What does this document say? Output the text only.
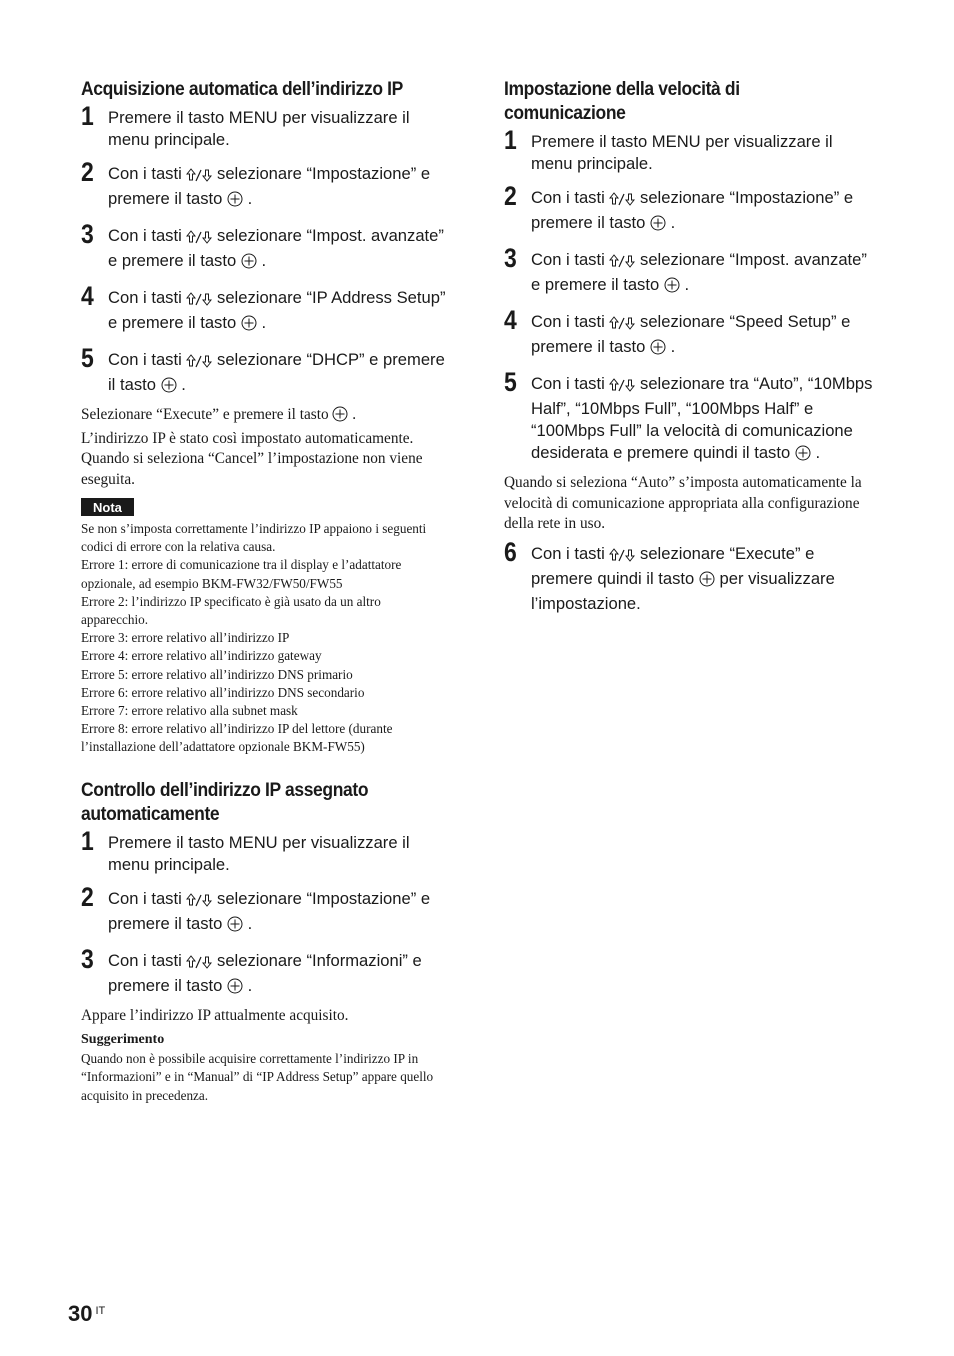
Acquisizione automatica dell’indirizzo IP
1 Premere il tasto MENU per visualizzare il menu principale.
2 Con i tasti selezionare “Impostazione” e premere il tasto .
3 Con i tasti selezionare “Impost. avanzate” e premere il tasto .
4 Con i tasti selezionare “IP Address Setup” e premere il tasto .
5 Con i tasti selezionare “DHCP” e premere il tasto .

Selezionare “Execute” e premere il tasto .

L’indirizzo IP è stato così impostato automaticamente.

Quando si seleziona “Cancel” l’impostazione non viene eseguita.

Nota

Se non s’imposta correttamente l’indirizzo IP appaiono i seguenti codici di errore con la relativa causa.

Errore 1: errore di comunicazione tra il display e l’adattatore opzionale, ad esempio BKM-FW32/FW50/FW55

Errore 2: l’indirizzo IP specificato è già usato da un altro apparecchio.

Errore 3: errore relativo all’indirizzo IP

Errore 4: errore relativo all’indirizzo gateway

Errore 5: errore relativo all’indirizzo DNS primario

Errore 6: errore relativo all’indirizzo DNS secondario

Errore 7: errore relativo alla subnet mask

Errore 8: errore relativo all’indirizzo IP del lettore (durante l’installazione dell’adattatore opzionale BKM-FW55)

Controllo dell’indirizzo IP assegnato automaticamente
1 Premere il tasto MENU per visualizzare il menu principale.
2 Con i tasti selezionare “Impostazione” e premere il tasto .
3 Con i tasti selezionare “Informazioni” e premere il tasto .

Appare l’indirizzo IP attualmente acquisito.

Suggerimento

Quando non è possibile acquisire correttamente l’indirizzo IP in “Informazioni” e in “Manual” di “IP Address Setup” appare quello acquisito in precedenza.

Impostazione della velocità di comunicazione
1 Premere il tasto MENU per visualizzare il menu principale.
2 Con i tasti selezionare “Impostazione” e premere il tasto .
3 Con i tasti selezionare “Impost. avanzate” e premere il tasto .
4 Con i tasti selezionare “Speed Setup” e premere il tasto .
5 Con i tasti selezionare tra “Auto”, “10Mbps Half”, “10Mbps Full”, “100Mbps Half” e “100Mbps Full” la velocità di comunicazione desiderata e premere quindi il tasto .

Quando si seleziona “Auto” s’imposta automaticamente la velocità di comunicazione appropriata alla configurazione della rete in uso.

6 Con i tasti selezionare “Execute” e premere quindi il tasto per visualizzare l’impostazione.
30 $^{IT}$
